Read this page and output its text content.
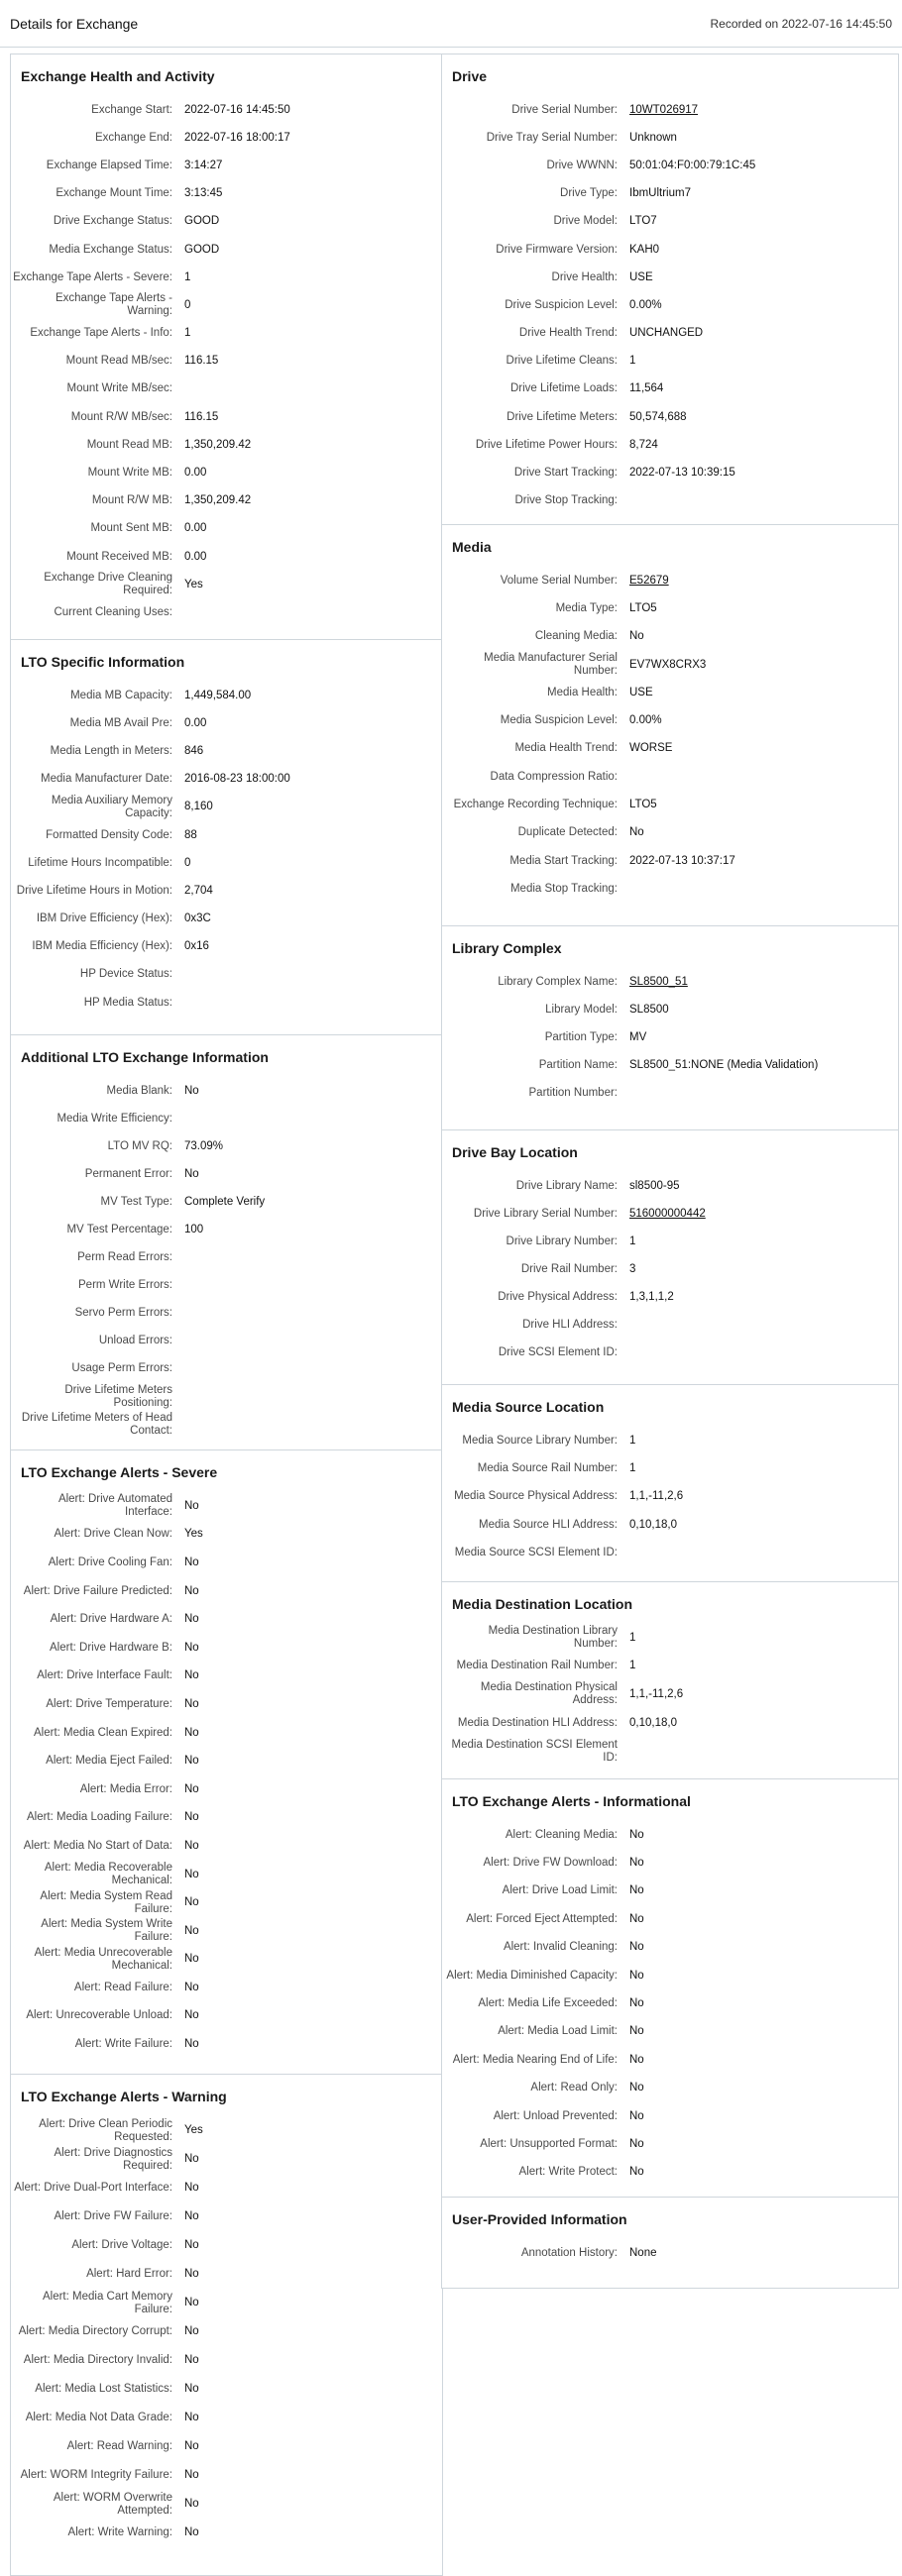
Details for Exchange	Recorded on 2022-07-16 14:45:50
Exchange Health and Activity
Exchange Start:	2022-07-16 14:45:50
Exchange End:	2022-07-16 18:00:17
Exchange Elapsed Time:	3:14:27
Exchange Mount Time:	3:13:45
Drive Exchange Status:	GOOD
Media Exchange Status:	GOOD
Exchange Tape Alerts - Severe:	1
Exchange Tape Alerts - Warning:
0
Exchange Tape Alerts - Info:	1
Mount Read MB/sec:	116.15
Mount Write MB/sec:
Mount R/W MB/sec:	116.15
Mount Read MB:	1,350,209.42
Mount Write MB:	0.00
Mount R/W MB:	1,350,209.42
Mount Sent MB:	0.00
Mount Received MB:	0.00
Exchange Drive Cleaning Required:
Yes
Current Cleaning Uses:
LTO Specific Information
Media MB Capacity:	1,449,584.00
Media MB Avail Pre:	0.00
Media Length in Meters:	846
Media Manufacturer Date:	2016-08-23 18:00:00
Media Auxiliary Memory Capacity:
8,160
Formatted Density Code:	88
Lifetime Hours Incompatible:	0
Drive Lifetime Hours in Motion:	2,704
IBM Drive Efficiency (Hex):	0x3C
IBM Media Efficiency (Hex):	0x16
HP Device Status:
HP Media Status:
Additional LTO Exchange Information
Media Blank:	No
Media Write Efficiency:
LTO MV RQ:	73.09%
Permanent Error:	No
MV Test Type:	Complete Verify
MV Test Percentage:	100
Perm Read Errors:
Perm Write Errors:
Servo Perm Errors:
Unload Errors:
Usage Perm Errors:
Drive Lifetime Meters Positioning:
Drive Lifetime Meters of Head Contact:
LTO Exchange Alerts - Severe
Alert: Drive Automated Interface:
No
Alert: Drive Clean Now:	Yes
Alert: Drive Cooling Fan:	No
Alert: Drive Failure Predicted:	No
Alert: Drive Hardware A:	No
Alert: Drive Hardware B:	No
Alert: Drive Interface Fault:	No
Alert: Drive Temperature:	No
Alert: Media Clean Expired:	No
Alert: Media Eject Failed:	No
Alert: Media Error:	No
Alert: Media Loading Failure:	No
Alert: Media No Start of Data:	No
Alert: Media Recoverable Mechanical:
No
Alert: Media System Read Failure:
No
Alert: Media System Write Failure:
No
Alert: Media Unrecoverable Mechanical:
No
Alert: Read Failure:	No
Alert: Unrecoverable Unload:	No
Alert: Write Failure:	No
LTO Exchange Alerts - Warning
Alert: Drive Clean Periodic Requested:
Yes
Alert: Drive Diagnostics Required:
No
Alert: Drive Dual-Port Interface:	No
Alert: Drive FW Failure:	No
Alert: Drive Voltage:	No
Alert: Hard Error:	No
Alert: Media Cart Memory Failure:
No
Alert: Media Directory Corrupt:	No
Alert: Media Directory Invalid:	No
Alert: Media Lost Statistics:	No
Alert: Media Not Data Grade:	No
Alert: Read Warning:	No
Alert: WORM Integrity Failure:	No
Alert: WORM Overwrite Attempted:
No
Alert: Write Warning:	No
Drive
Drive Serial Number:	10WT026917
Drive Tray Serial Number:	Unknown
Drive WWNN:	50:01:04:F0:00:79:1C:45
Drive Type:	IbmUltrium7
Drive Model:	LTO7
Drive Firmware Version:	KAH0
Drive Health:	USE
Drive Suspicion Level:	0.00%
Drive Health Trend:	UNCHANGED
Drive Lifetime Cleans:	1
Drive Lifetime Loads:	11,564
Drive Lifetime Meters:	50,574,688
Drive Lifetime Power Hours:	8,724
Drive Start Tracking:	2022-07-13 10:39:15
Drive Stop Tracking:
Media
Volume Serial Number:	E52679
Media Type:	LTO5
Cleaning Media:	No
Media Manufacturer Serial Number:
EV7WX8CRX3
Media Health:	USE
Media Suspicion Level:	0.00%
Media Health Trend:	WORSE
Data Compression Ratio:
Exchange Recording Technique:	LTO5
Duplicate Detected:	No
Media Start Tracking:	2022-07-13 10:37:17
Media Stop Tracking:
Library Complex
Library Complex Name:	SL8500_51
Library Model:	SL8500
Partition Type:	MV
Partition Name:	SL8500_51:NONE (Media Validation)
Partition Number:
Drive Bay Location
Drive Library Name:	sl8500-95
Drive Library Serial Number:	516000000442
Drive Library Number:	1
Drive Rail Number:	3
Drive Physical Address:	1,3,1,1,2
Drive HLI Address:
Drive SCSI Element ID:
Media Source Location
Media Source Library Number:	1
Media Source Rail Number:	1
Media Source Physical Address:	1,1,-11,2,6
Media Source HLI Address:	0,10,18,0
Media Source SCSI Element ID:
Media Destination Location
Media Destination Library Number:
1
Media Destination Rail Number:	1
Media Destination Physical Address:
1,1,-11,2,6
Media Destination HLI Address:	0,10,18,0
Media Destination SCSI Element ID:
LTO Exchange Alerts - Informational
Alert: Cleaning Media:	No
Alert: Drive FW Download:	No
Alert: Drive Load Limit:	No
Alert: Forced Eject Attempted:	No
Alert: Invalid Cleaning:	No
Alert: Media Diminished Capacity:	No
Alert: Media Life Exceeded:	No
Alert: Media Load Limit:	No
Alert: Media Nearing End of Life:	No
Alert: Read Only:	No
Alert: Unload Prevented:	No
Alert: Unsupported Format:	No
Alert: Write Protect:	No
User-Provided Information
Annotation History:	None
